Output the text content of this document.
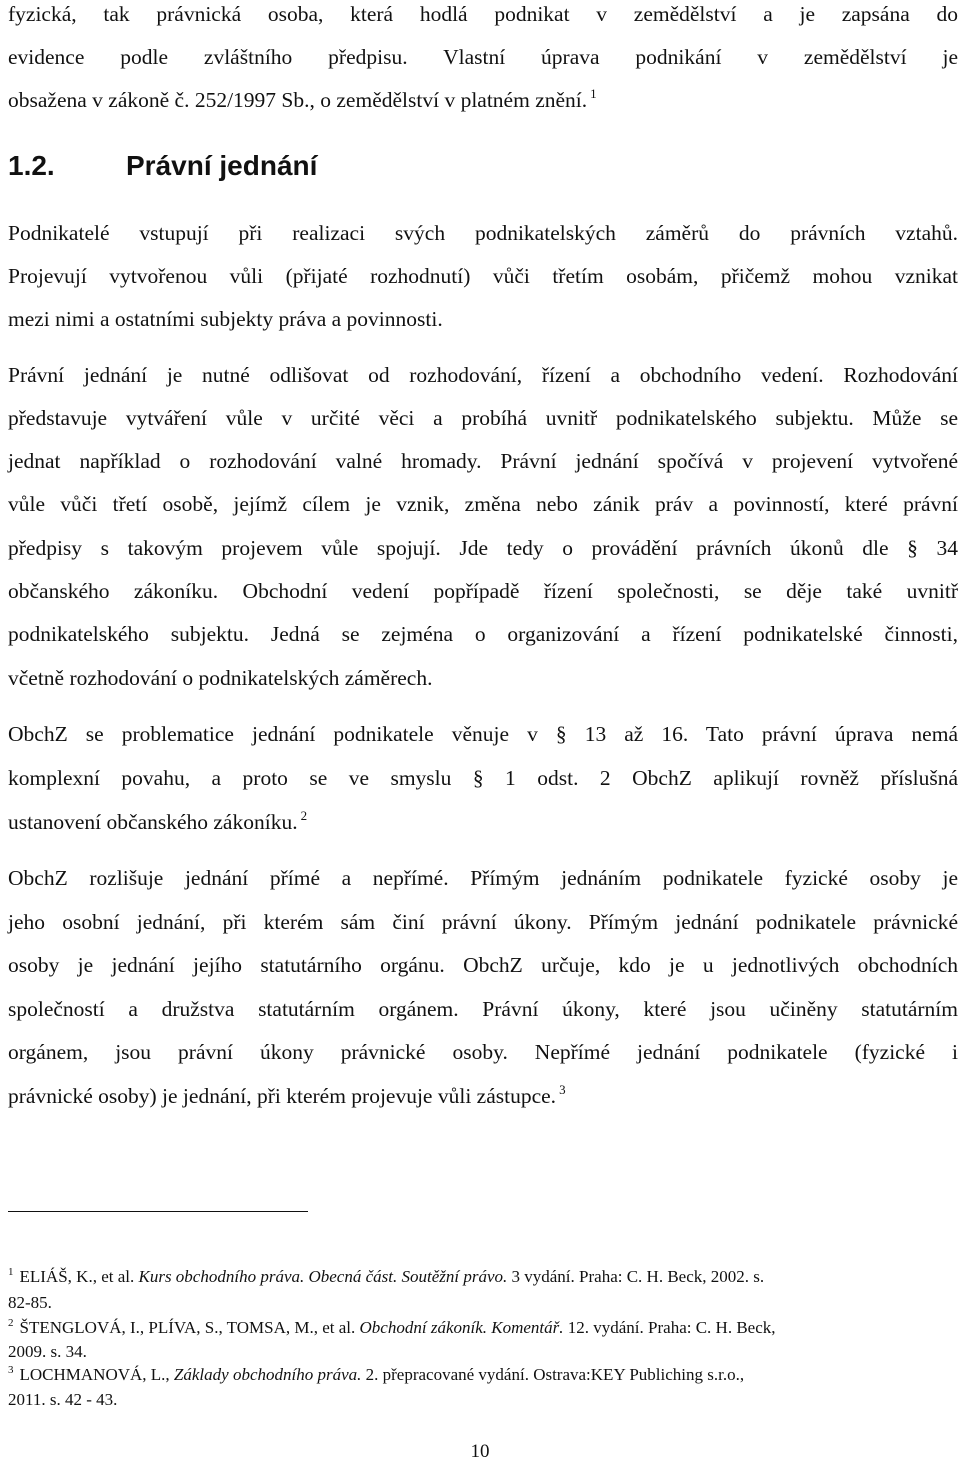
fyzická, tak právnická osoba, která hodlá podnikat v zemědělství a je zapsána do
evidence podle zvláštního předpisu. Vlastní úprava podnikání v zemědělství je
obsažena v zákoně č. 252/1997 Sb., o zemědělství v platném znění. $^1$
1.2.	Právní jednání
Podnikatelé vstupují při realizaci svých podnikatelských záměrů do právních vztahů.
Projevují vytvořenou vůli (přijaté rozhodnutí) vůči třetím osobám, přičemž mohou vznikat
mezi nimi a ostatními subjekty práva a povinnosti.
Právní jednání je nutné odlišovat od rozhodování, řízení a obchodního vedení. Rozhodování
představuje vytváření vůle v určité věci a probíhá uvnitř podnikatelského subjektu. Může se
jednat například o rozhodování valné hromady. Právní jednání spočívá v projevení vytvořené
vůle vůči třetí osobě, jejímž cílem je vznik, změna nebo zánik práv a povinností, které právní
předpisy s takovým projevem vůle spojují. Jde tedy o provádění právních úkonů dle § 34
občanského zákoníku. Obchodní vedení popřípadě řízení společnosti, se děje také uvnitř
podnikatelského subjektu. Jedná se zejména o organizování a řízení podnikatelské činnosti,
včetně rozhodování o podnikatelských záměrech.
ObchZ se problematice jednání podnikatele věnuje v § 13 až 16. Tato právní úprava nemá
komplexní povahu, a proto se ve smyslu § 1 odst. 2 ObchZ aplikují rovněž příslušná
ustanovení občanského zákoníku. $^2$
ObchZ rozlišuje jednání přímé a nepřímé. Přímým jednáním podnikatele fyzické osoby je
jeho osobní jednání, při kterém sám činí právní úkony. Přímým jednání podnikatele právnické
osoby je jednání jejího statutárního orgánu. ObchZ určuje, kdo je u jednotlivých obchodních
společností a družstva statutárním orgánem. Právní úkony, které jsou učiněny statutárním
orgánem, jsou právní úkony právnické osoby. Nepřímé jednání podnikatele (fyzické i
právnické osoby) je jednání, při kterém projevuje vůli zástupce. $^3$
$^1$ ELIÁŠ, K., et al. Kurs obchodního práva. Obecná část. Soutěžní právo. 3 vydání. Praha: C. H. Beck, 2002. s.
82-85.
$^2$ ŠTENGLOVÁ, I., PLÍVA, S., TOMSA, M., et al. Obchodní zákoník. Komentář. 12. vydání. Praha: C. H. Beck,
2009. s. 34.
$^3$ LOCHMANOVÁ, L., Základy obchodního práva. 2. přepracované vydání. Ostrava:KEY Publiching s.r.o.,
2011. s. 42 - 43.
10
